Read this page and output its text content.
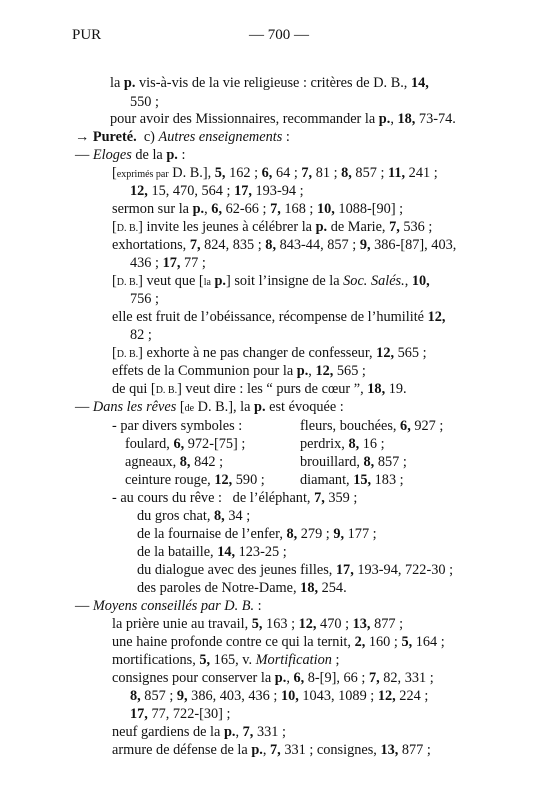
PUR	— 700 —
la p. vis-à-vis de la vie religieuse : critères de D. B., 14,
550 ;
pour avoir des Missionnaires, recommander la p., 18, 73-74.
→ Pureté.  c) Autres enseignements :
— Eloges de la p. :
[exprimés par D. B.], 5, 162 ; 6, 64 ; 7, 81 ; 8, 857 ; 11, 241 ;
12, 15, 470, 564 ; 17, 193-94 ;
sermon sur la p., 6, 62-66 ; 7, 168 ; 10, 1088-[90] ;
[D. B.] invite les jeunes à célébrer la p. de Marie, 7, 536 ;
exhortations, 7, 824, 835 ; 8, 843-44, 857 ; 9, 386-[87], 403,
436 ; 17, 77 ;
[D. B.] veut que [la p.] soit l’insigne de la Soc. Salés., 10,
756 ;
elle est fruit de l’obéissance, récompense de l’humilité 12,
82 ;
[D. B.] exhorte à ne pas changer de confesseur, 12, 565 ;
effets de la Communion pour la p., 12, 565 ;
de qui [D. B.] veut dire : les “ purs de cœur ”, 18, 19.
— Dans les rêves [de D. B.], la p. est évoquée :
- par divers symboles :	fleurs, bouchées, 6, 927 ;
foulard, 6, 972-[75] ;	perdrix, 8, 16 ;
agneaux, 8, 842 ;	brouillard, 8, 857 ;
ceinture rouge, 12, 590 ; diamant, 15, 183 ;
- au cours du rêve :   de l’éléphant, 7, 359 ;
du gros chat, 8, 34 ;
de la fournaise de l’enfer, 8, 279 ; 9, 177 ;
de la bataille, 14, 123-25 ;
du dialogue avec des jeunes filles, 17, 193-94, 722-30 ;
des paroles de Notre-Dame, 18, 254.
— Moyens conseillés par D. B. :
la prière unie au travail, 5, 163 ; 12, 470 ; 13, 877 ;
une haine profonde contre ce qui la ternit, 2, 160 ; 5, 164 ;
mortifications, 5, 165, v. Mortification ;
consignes pour conserver la p., 6, 8-[9], 66 ; 7, 82, 331 ;
8, 857 ; 9, 386, 403, 436 ; 10, 1043, 1089 ; 12, 224 ;
17, 77, 722-[30] ;
neuf gardiens de la p., 7, 331 ;
armure de défense de la p., 7, 331 ; consignes, 13, 877 ;
